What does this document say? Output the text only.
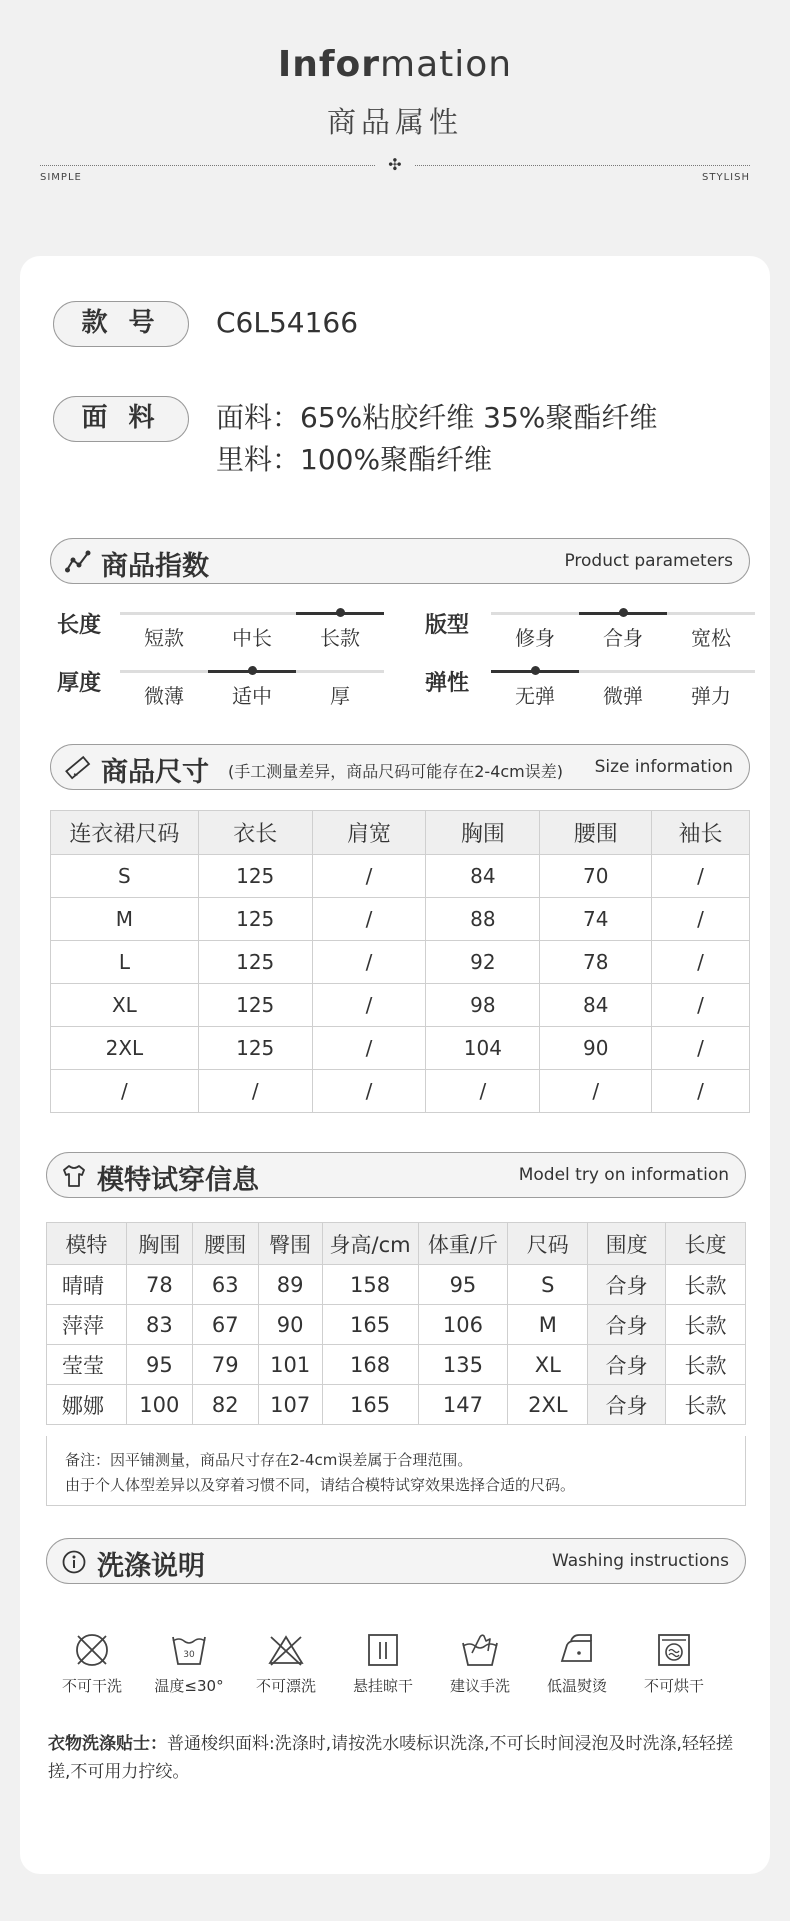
Information
商品属性
✣
SIMPLE	STYLISH
款 号	C6L54166
面 料	面料：65%粘胶纤维 35%聚酯纤维
里料：100%聚酯纤维
商品指数	Product parameters
长度	短款	中长	长款	版型	修身	合身	宽松
厚度	微薄	适中	厚	弹性	无弹	微弹	弹力
商品尺寸 (手工测量差异，商品尺码可能存在2-4cm误差) Size information
连衣裙尺码	衣长	肩宽	胸围	腰围	袖长
S	125	/	84	70	/
M	125	/	88	74	/
L	125	/	92	78	/
XL	125	/	98	84	/
2XL	125	/	104	90	/
/	/	/	/	/	/
模特试穿信息	Model try on information
模特	胸围	腰围	臀围	身高/cm	体重/斤	尺码	围度	长度
晴晴	78	63	89	158	95	S	合身	长款
萍萍	83	67	90	165	106	M	合身	长款
莹莹	95	79	101	168	135	XL	合身	长款
娜娜	100	82	107	165	147	2XL	合身	长款
备注：因平铺测量，商品尺寸存在2-4cm误差属于合理范围。
由于个人体型差异以及穿着习惯不同，请结合模特试穿效果选择合适的尺码。
洗涤说明	Washing instructions
不可干洗
30
温度≤30°	不可漂洗	悬挂晾干	建议手洗	低温熨烫	不可烘干
衣物洗涤贴士：普通梭织面料:洗涤时,请按洗水唛标识洗涤,不可长时间浸泡及时洗涤,轻轻搓搓,不可用力拧绞。
